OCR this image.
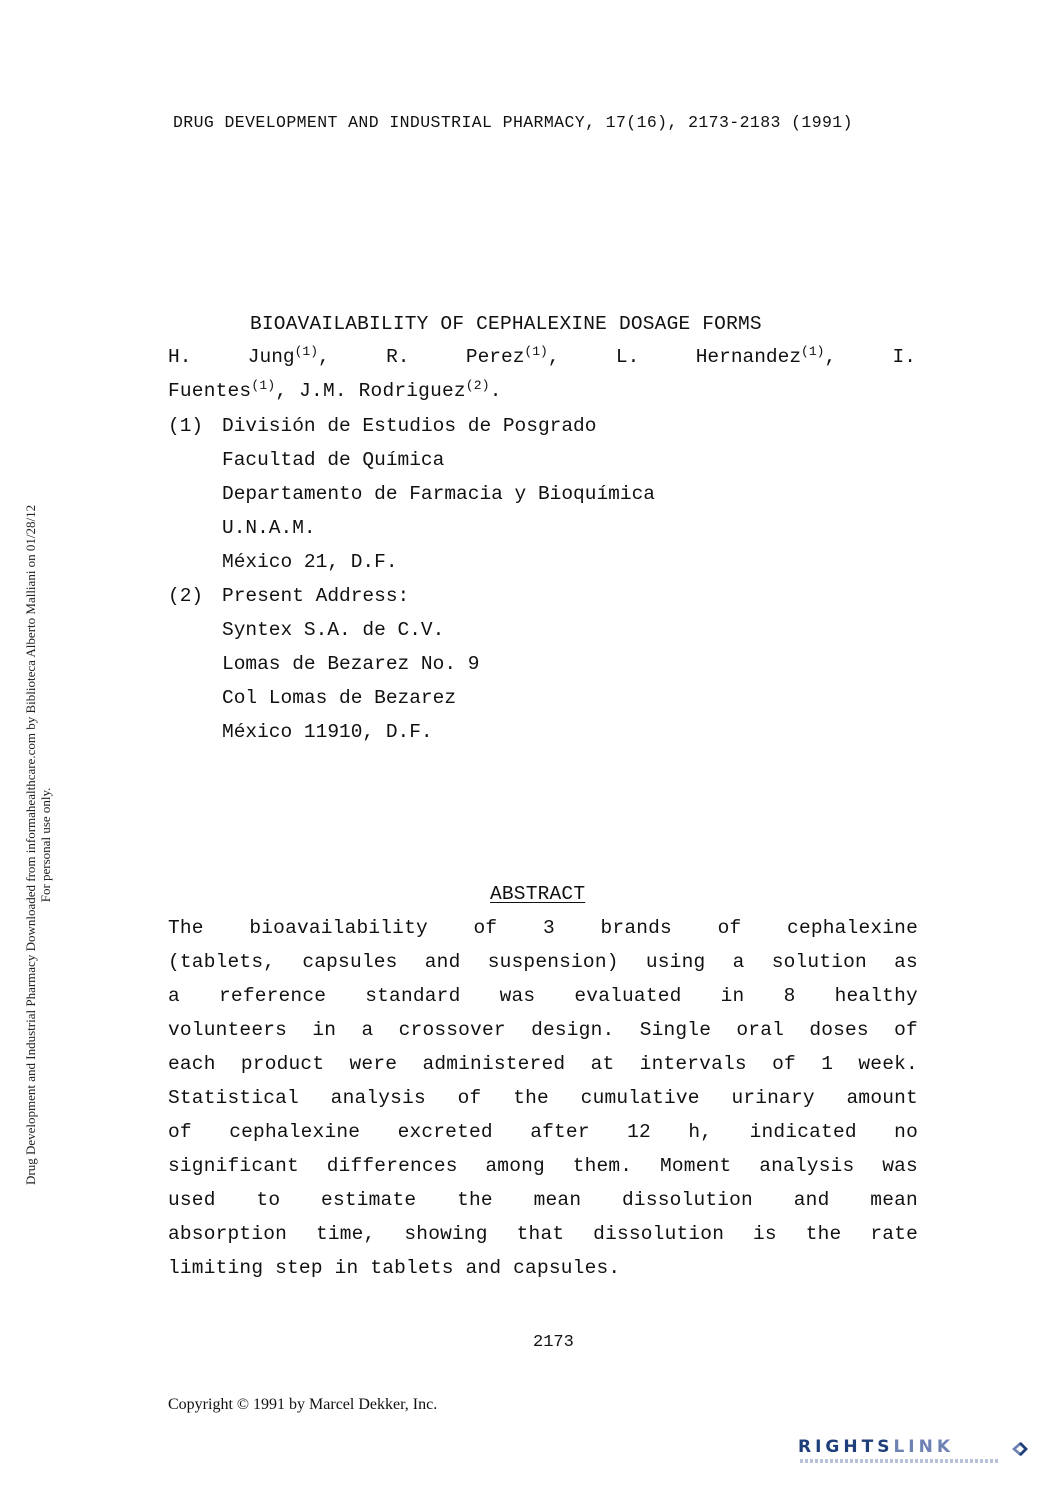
DRUG DEVELOPMENT AND INDUSTRIAL PHARMACY, 17(16), 2173-2183 (1991)
Drug Development and Industrial Pharmacy Downloaded from informahealthcare.com by Biblioteca Alberto Malliani on 01/28/12
For personal use only.
BIOAVAILABILITY OF CEPHALEXINE DOSAGE FORMS
H.	Jung$^{(1)}$,	R.	Perez$^{(1)}$,	L.	Hernandez$^{(1)}$,	I.
Fuentes$^{(1)}$, J.M. Rodriguez$^{(2)}$.
(1) División de Estudios de Posgrado
Facultad de Química
Departamento de Farmacia y Bioquímica
U.N.A.M.
México 21, D.F.
(2) Present Address:
Syntex S.A. de C.V.
Lomas de Bezarez No. 9
Col Lomas de Bezarez
México 11910, D.F.
ABSTRACT
The bioavailability of 3 brands of cephalexine
(tablets, capsules and suspension) using a solution as
a reference standard was evaluated in 8 healthy
volunteers in a crossover design. Single oral doses of
each product were administered at intervals of 1 week.
Statistical analysis of the cumulative urinary amount
of cephalexine excreted after 12 h, indicated no
significant differences among them. Moment analysis was
used to estimate the mean dissolution and mean
absorption time, showing that dissolution is the rate
limiting step in tablets and capsules.
2173
Copyright © 1991 by Marcel Dekker, Inc.
RIGHTSLINK
